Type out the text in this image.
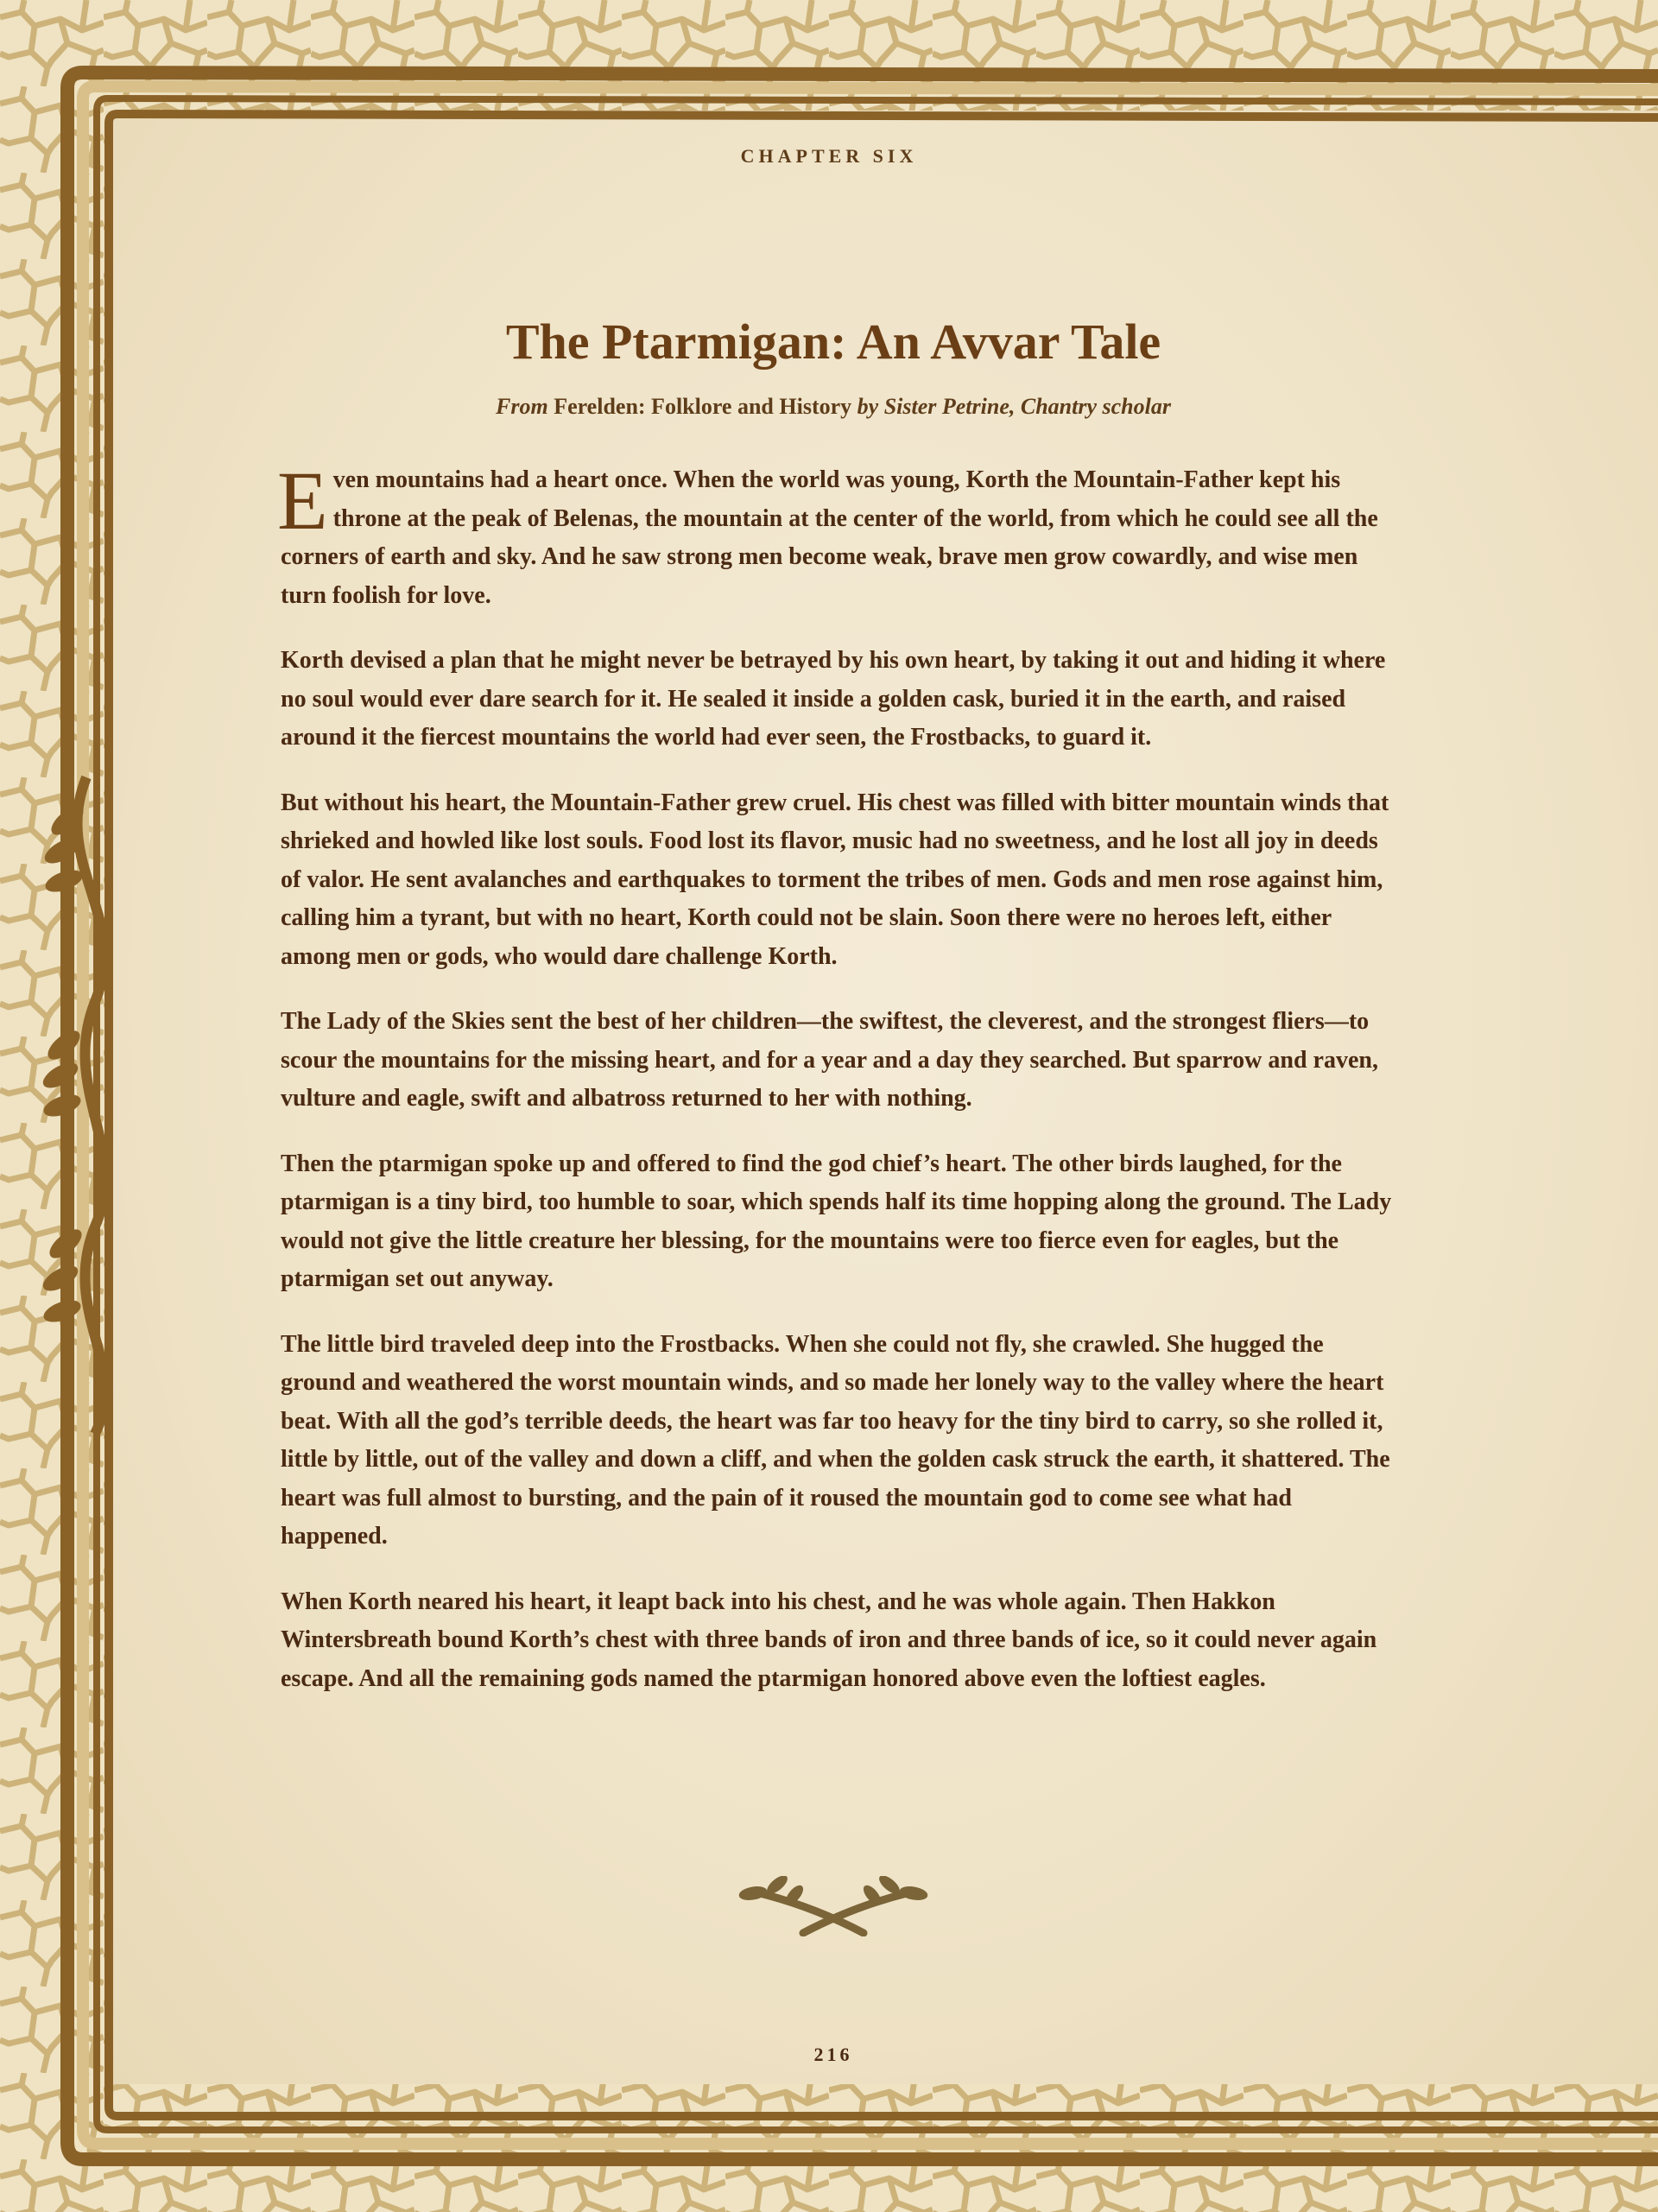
CHAPTER SIX
The Ptarmigan: An Avvar Tale
From Ferelden: Folklore and History by Sister Petrine, Chantry scholar

Even mountains had a heart once. When the world was young, Korth the Mountain-Father kept his throne at the peak of Belenas, the mountain at the center of the world, from which he could see all the corners of earth and sky. And he saw strong men become weak, brave men grow cowardly, and wise men turn foolish for love.

Korth devised a plan that he might never be betrayed by his own heart, by taking it out and hiding it where no soul would ever dare search for it. He sealed it inside a golden cask, buried it in the earth, and raised around it the fiercest mountains the world had ever seen, the Frostbacks, to guard it.

But without his heart, the Mountain-Father grew cruel. His chest was filled with bitter mountain winds that shrieked and howled like lost souls. Food lost its flavor, music had no sweetness, and he lost all joy in deeds of valor. He sent avalanches and earthquakes to torment the tribes of men. Gods and men rose against him, calling him a tyrant, but with no heart, Korth could not be slain. Soon there were no heroes left, either among men or gods, who would dare challenge Korth.

The Lady of the Skies sent the best of her children—the swiftest, the cleverest, and the strongest fliers—to scour the mountains for the missing heart, and for a year and a day they searched. But sparrow and raven, vulture and eagle, swift and albatross returned to her with nothing.

Then the ptarmigan spoke up and offered to find the god chief’s heart. The other birds laughed, for the ptarmigan is a tiny bird, too humble to soar, which spends half its time hopping along the ground. The Lady would not give the little creature her blessing, for the mountains were too fierce even for eagles, but the ptarmigan set out anyway.

The little bird traveled deep into the Frostbacks. When she could not fly, she crawled. She hugged the ground and weathered the worst mountain winds, and so made her lonely way to the valley where the heart beat. With all the god’s terrible deeds, the heart was far too heavy for the tiny bird to carry, so she rolled it, little by little, out of the valley and down a cliff, and when the golden cask struck the earth, it shattered. The heart was full almost to bursting, and the pain of it roused the mountain god to come see what had happened.

When Korth neared his heart, it leapt back into his chest, and he was whole again. Then Hakkon Wintersbreath bound Korth’s chest with three bands of iron and three bands of ice, so it could never again escape. And all the remaining gods named the ptarmigan honored above even the loftiest eagles.

216
